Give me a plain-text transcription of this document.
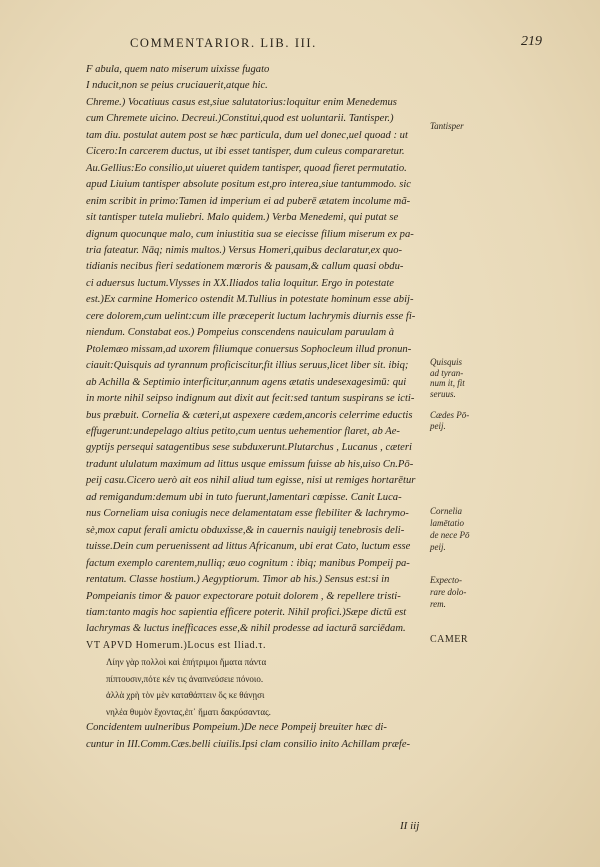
COMMENTARIOR. LIB. III.	219
F abula, quem nato miserum uixisse fugato
I nducit,non se peius cruciauerit,atque hic.
Chreme.) Vocatiuus casus est,siue salutatorius:loquitur enim Menedemus
cum Chremete uicino. Decreui.)Constitui,quod est uoluntarii. Tantisper.)
tam diu. postulat autem post se hæc particula, dum uel donec,uel quoad : ut
Cicero:In carcerem ductus, ut ibi esset tantisper, dum culeus compararetur.
Au.Gellius:Eo consilio,ut uiueret quidem tantisper, quoad fieret permutatio.
apud Liuium tantisper absolute positum est,pro interea,siue tantummodo. sic
enim scribit in primo:Tamen id imperium ei ad puberē ætatem incolume mã-
sit tantisper tutela muliebri. Malo quidem.) Verba Menedemi, qui putat se
dignum quocunque malo, cum iniustitia sua se eiecisse filium miserum ex pa-
tria fateatur. Nāq; nimis multos.) Versus Homeri,quibus declaratur,ex quo-
tidianis necibus fieri sedationem mœroris & pausam,& callum quasi obdu-
ci aduersus luctum.Vlysses in XX.Iliados talia loquitur. Ergo in potestate
est.)Ex carmine Homerico ostendit M.Tullius in potestate hominum esse abij-
cere dolorem,cum uelint:cum ille præceperit luctum lachrymis diurnis esse fi-
niendum. Constabat eos.) Pompeius conscendens nauiculam paruulam à
Ptolemæo missam,ad uxorem filiumque conuersus Sophocleum illud pronun-
ciauit:Quisquis ad tyrannum proficiscitur,fit illius seruus,licet liber sit. ibiq;
ab Achilla & Septimio interficitur,annum agens ætatis undesexagesimū: qui
in morte nihil seipso indignum aut dixit aut fecit:sed tantum suspirans se icti-
bus præbuit. Cornelia & cæteri,ut aspexere cædem,ancoris celerrime eductis
effugerunt:undepelago altius petito,cum uentus uehementior flaret, ab Ae-
gyptijs persequi satagentibus sese subduxerunt.Plutarchus , Lucanus , cæteri
tradunt ululatum maximum ad littus usque emissum fuisse ab his,uiso Cn.Pō-
peij casu.Cicero uerò ait eos nihil aliud tum egisse, nisi ut remiges hortarētur
ad remigandum:demum ubi in tuto fuerunt,lamentari cœpisse. Canit Luca-
nus Corneliam uisa coniugis nece delamentatam esse flebiliter & lachrymo-
sè,mox caput ferali amictu obduxisse,& in cauernis nauigij tenebrosis deli-
tuisse.Dein cum peruenissent ad littus Africanum, ubi erat Cato, luctum esse
factum exemplo carentem,nulliq; æuo cognitum : ibiq; manibus Pompeij pa-
rentatum. Classe hostium.) Aegyptiorum. Timor ab his.) Sensus est:si in
Pompeianis timor & pauor expectorare potuit dolorem , & repellere tristi-
tiam:tanto magis hoc sapientia efficere poterit. Nihil profici.)Sæpe dictū est
lachrymas & luctus inefficaces esse,& nihil prodesse ad iacturā sarciēdam.
VT APVD Homerum.)Locus est Iliad.τ.
Λίην γὰρ πολλοὶ καὶ ἐπήτριμοι ἤματα πάντα
πίπτουσιν,πότε κέν τις ἀναπνεύσειε πόνοιο.
ἀλλὰ χρὴ τὸν μὲν καταθάπτειν ὅς κε θάνῃσι
νηλέα θυμὸν ἔχοντας,ἐπ᾽ ἤματι δακρύσαντας.
Concidentem uulneribus Pompeium.)De nece Pompeij breuiter hæc di-
cuntur in III.Comm.Cæs.belli ciuilis.Ipsi clam consilio inito Achillam præfe-
Tantisper
Quisquis
ad tyran-
num it, fit
seruus.
Cædes Pō-
peij.
Cornelia
lamētatio
de nece Pō
peij.
Expecto-
rare dolo-
rem.
CAMER
II iij
